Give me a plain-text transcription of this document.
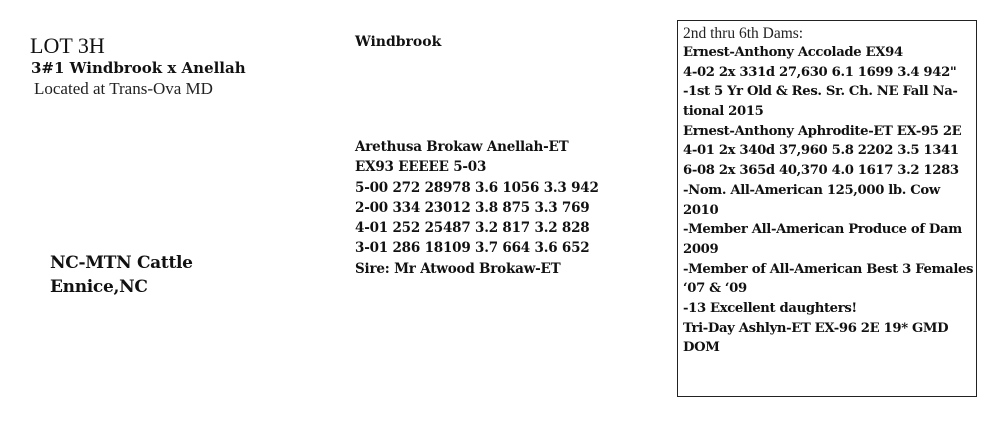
LOT 3H
3#1 Windbrook x Anellah
Located at Trans-Ova MD
NC-MTN Cattle
Ennice,NC
Windbrook
Arethusa Brokaw Anellah-ET
EX93 EEEEE 5-03
5-00 272 28978 3.6 1056 3.3 942
2-00 334 23012 3.8 875 3.3 769
4-01 252 25487 3.2 817 3.2 828
3-01 286 18109 3.7 664 3.6 652
Sire: Mr Atwood Brokaw-ET
2nd thru 6th Dams:
Ernest-Anthony Accolade EX94
4-02 2x 331d 27,630 6.1 1699 3.4 942"
-1st 5 Yr Old & Res. Sr. Ch. NE Fall Na-
tional 2015
Ernest-Anthony Aphrodite-ET EX-95 2E
4-01 2x 340d 37,960 5.8 2202 3.5 1341
6-08 2x 365d 40,370 4.0 1617 3.2 1283
-Nom. All-American 125,000 lb. Cow
2010
-Member All-American Produce of Dam
2009
-Member of All-American Best 3 Females
‘07 & ‘09
-13 Excellent daughters!
Tri-Day Ashlyn-ET EX-96 2E 19* GMD
DOM
